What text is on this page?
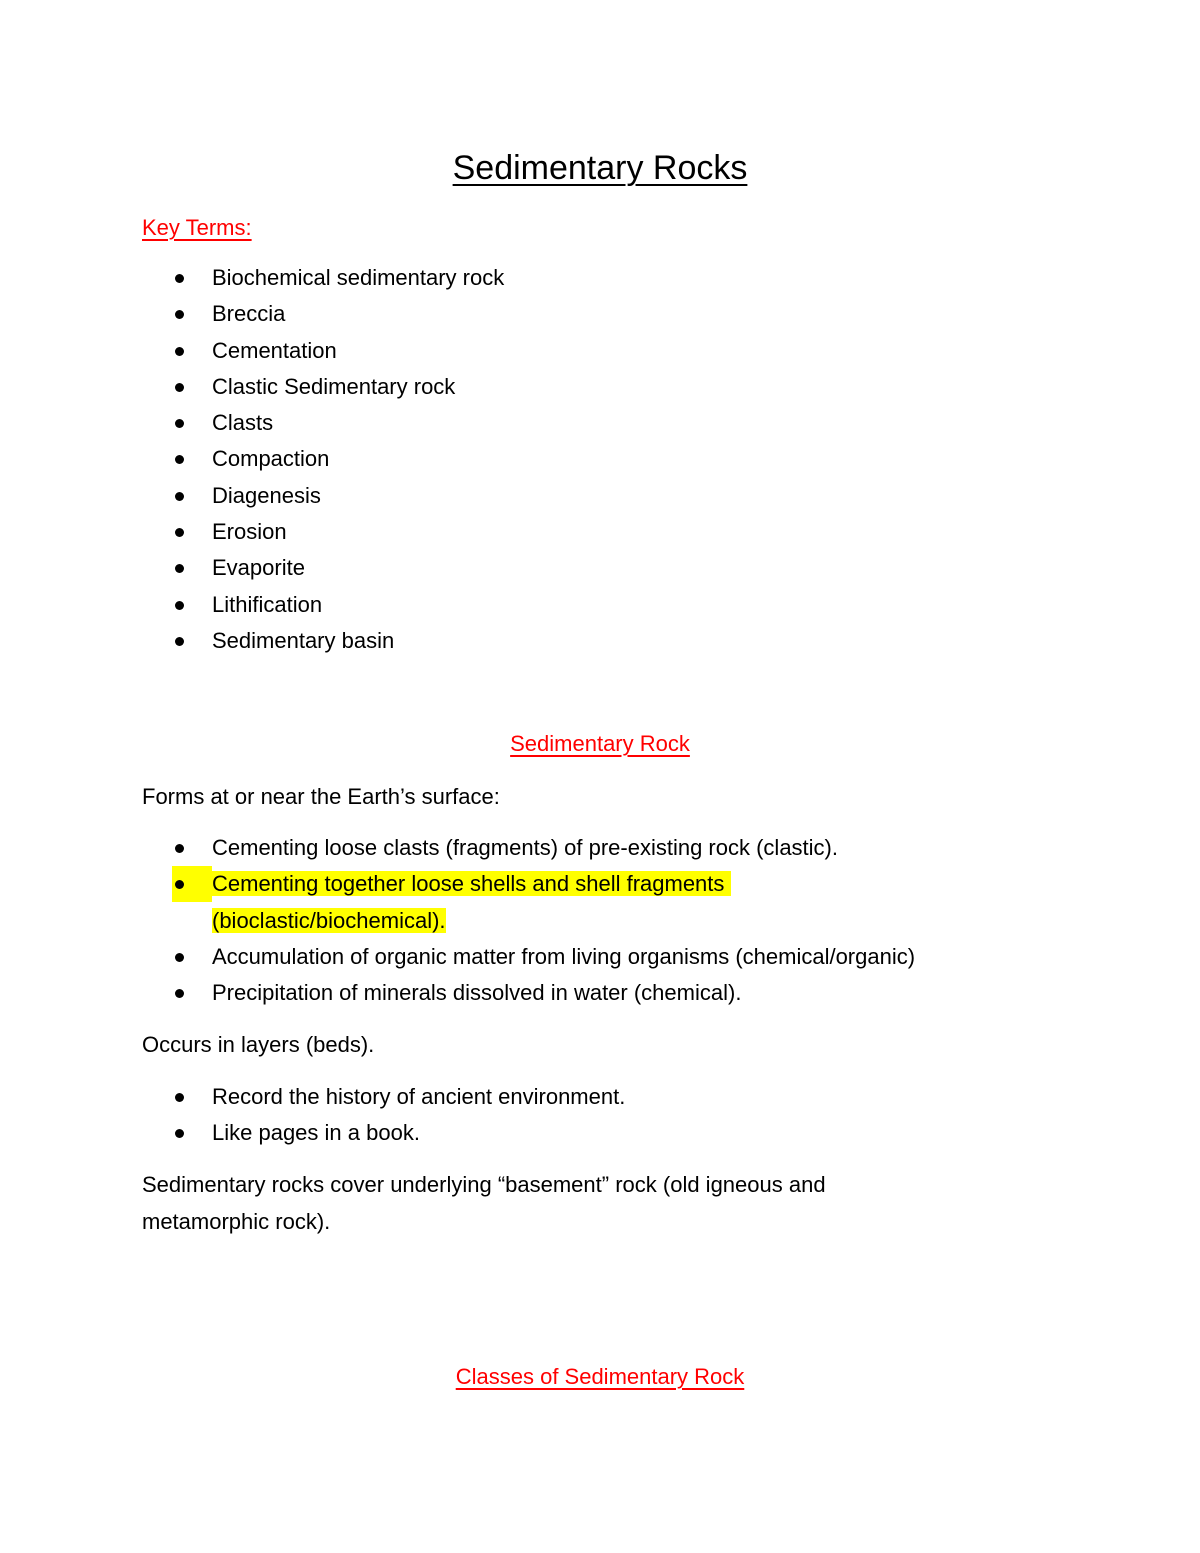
Sedimentary Rocks
Key Terms:
Biochemical sedimentary rock
Breccia
Cementation
Clastic Sedimentary rock
Clasts
Compaction
Diagenesis
Erosion
Evaporite
Lithification
Sedimentary basin
Sedimentary Rock

Forms at or near the Earth’s surface:

Cementing loose clasts (fragments) of pre-existing rock (clastic).
Cementing together loose shells and shell fragments
(bioclastic/biochemical).
Accumulation of organic matter from living organisms (chemical/organic)
Precipitation of minerals dissolved in water (chemical).

Occurs in layers (beds).

Record the history of ancient environment.
Like pages in a book.

Sedimentary rocks cover underlying “basement” rock (old igneous and
metamorphic rock).

Classes of Sedimentary Rock
